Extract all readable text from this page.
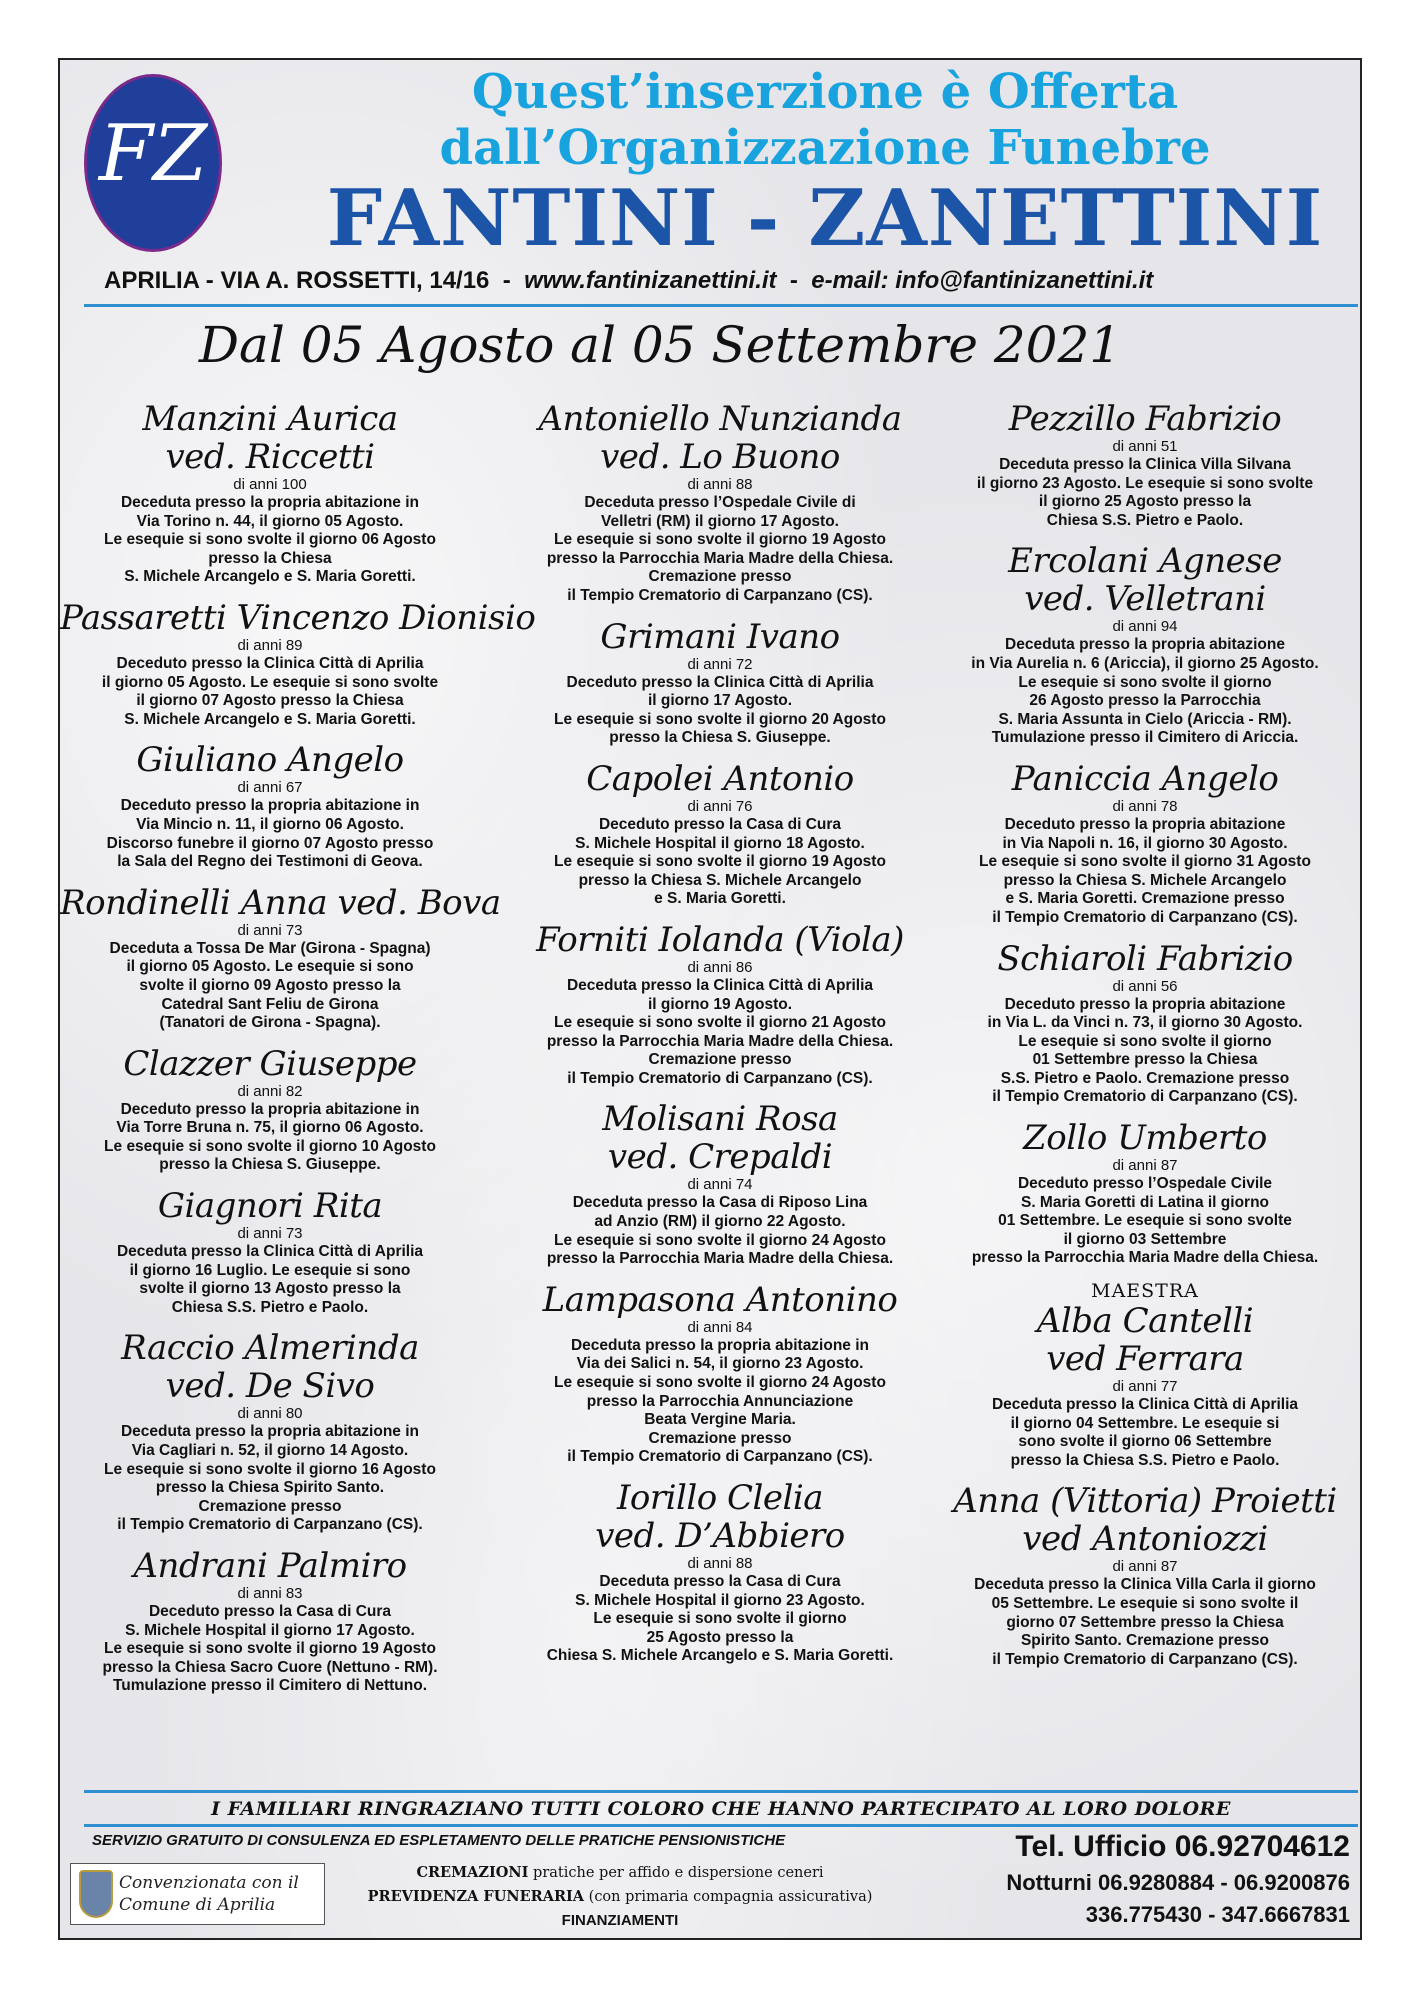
FZ
Quest’inserzione è Offerta
dall’Organizzazione Funebre
FANTINI - ZANETTINI
APRILIA - VIA A. ROSSETTI, 14/16 - www.fantinizanettini.it - e-mail: info@fantinizanettini.it
Dal 05 Agosto al 05 Settembre 2021
Manzini Aurica
ved. Riccetti
di anni 100
Deceduta presso la propria abitazione in
Via Torino n. 44, il giorno 05 Agosto.
Le esequie si sono svolte il giorno 06 Agosto
presso la Chiesa
S. Michele Arcangelo e S. Maria Goretti.
Passaretti Vincenzo Dionisio
di anni 89
Deceduto presso la Clinica Città di Aprilia
il giorno 05 Agosto. Le esequie si sono svolte
il giorno 07 Agosto presso la Chiesa
S. Michele Arcangelo e S. Maria Goretti.
Giuliano Angelo
di anni 67
Deceduto presso la propria abitazione in
Via Mincio n. 11, il giorno 06 Agosto.
Discorso funebre il giorno 07 Agosto presso
la Sala del Regno dei Testimoni di Geova.
Rondinelli Anna ved. Bova
di anni 73
Deceduta a Tossa De Mar (Girona - Spagna)
il giorno 05 Agosto. Le esequie si sono
svolte il giorno 09 Agosto presso la
Catedral Sant Feliu de Girona
(Tanatori de Girona - Spagna).
Clazzer Giuseppe
di anni 82
Deceduto presso la propria abitazione in
Via Torre Bruna n. 75, il giorno 06 Agosto.
Le esequie si sono svolte il giorno 10 Agosto
presso la Chiesa S. Giuseppe.
Giagnori Rita
di anni 73
Deceduta presso la Clinica Città di Aprilia
il giorno 16 Luglio. Le esequie si sono
svolte il giorno 13 Agosto presso la
Chiesa S.S. Pietro e Paolo.
Raccio Almerinda
ved. De Sivo
di anni 80
Deceduta presso la propria abitazione in
Via Cagliari n. 52, il giorno 14 Agosto.
Le esequie si sono svolte il giorno 16 Agosto
presso la Chiesa Spirito Santo.
Cremazione presso
il Tempio Crematorio di Carpanzano (CS).
Andrani Palmiro
di anni 83
Deceduto presso la Casa di Cura
S. Michele Hospital il giorno 17 Agosto.
Le esequie si sono svolte il giorno 19 Agosto
presso la Chiesa Sacro Cuore (Nettuno - RM).
Tumulazione presso il Cimitero di Nettuno.
Antoniello Nunzianda
ved. Lo Buono
di anni 88
Deceduta presso l’Ospedale Civile di
Velletri (RM) il giorno 17 Agosto.
Le esequie si sono svolte il giorno 19 Agosto
presso la Parrocchia Maria Madre della Chiesa.
Cremazione presso
il Tempio Crematorio di Carpanzano (CS).
Grimani Ivano
di anni 72
Deceduto presso la Clinica Città di Aprilia
il giorno 17 Agosto.
Le esequie si sono svolte il giorno 20 Agosto
presso la Chiesa S. Giuseppe.
Capolei Antonio
di anni 76
Deceduto presso la Casa di Cura
S. Michele Hospital il giorno 18 Agosto.
Le esequie si sono svolte il giorno 19 Agosto
presso la Chiesa S. Michele Arcangelo
e S. Maria Goretti.
Forniti Iolanda (Viola)
di anni 86
Deceduta presso la Clinica Città di Aprilia
il giorno 19 Agosto.
Le esequie si sono svolte il giorno 21 Agosto
presso la Parrocchia Maria Madre della Chiesa.
Cremazione presso
il Tempio Crematorio di Carpanzano (CS).
Molisani Rosa
ved. Crepaldi
di anni 74
Deceduta presso la Casa di Riposo Lina
ad Anzio (RM) il giorno 22 Agosto.
Le esequie si sono svolte il giorno 24 Agosto
presso la Parrocchia Maria Madre della Chiesa.
Lampasona Antonino
di anni 84
Deceduta presso la propria abitazione in
Via dei Salici n. 54, il giorno 23 Agosto.
Le esequie si sono svolte il giorno 24 Agosto
presso la Parrocchia Annunciazione
Beata Vergine Maria.
Cremazione presso
il Tempio Crematorio di Carpanzano (CS).
Iorillo Clelia
ved. D’Abbiero
di anni 88
Deceduta presso la Casa di Cura
S. Michele Hospital il giorno 23 Agosto.
Le esequie si sono svolte il giorno
25 Agosto presso la
Chiesa S. Michele Arcangelo e S. Maria Goretti.
Pezzillo Fabrizio
di anni 51
Deceduta presso la Clinica Villa Silvana
il giorno 23 Agosto. Le esequie si sono svolte
il giorno 25 Agosto presso la
Chiesa S.S. Pietro e Paolo.
Ercolani Agnese
ved. Velletrani
di anni 94
Deceduta presso la propria abitazione
in Via Aurelia n. 6 (Ariccia), il giorno 25 Agosto.
Le esequie si sono svolte il giorno
26 Agosto presso la Parrocchia
S. Maria Assunta in Cielo (Ariccia - RM).
Tumulazione presso il Cimitero di Ariccia.
Paniccia Angelo
di anni 78
Deceduto presso la propria abitazione
in Via Napoli n. 16, il giorno 30 Agosto.
Le esequie si sono svolte il giorno 31 Agosto
presso la Chiesa S. Michele Arcangelo
e S. Maria Goretti. Cremazione presso
il Tempio Crematorio di Carpanzano (CS).
Schiaroli Fabrizio
di anni 56
Deceduto presso la propria abitazione
in Via L. da Vinci n. 73, il giorno 30 Agosto.
Le esequie si sono svolte il giorno
01 Settembre presso la Chiesa
S.S. Pietro e Paolo. Cremazione presso
il Tempio Crematorio di Carpanzano (CS).
Zollo Umberto
di anni 87
Deceduto presso l’Ospedale Civile
S. Maria Goretti di Latina il giorno
01 Settembre. Le esequie si sono svolte
il giorno 03 Settembre
presso la Parrocchia Maria Madre della Chiesa.
MAESTRA
Alba Cantelli
ved Ferrara
di anni 77
Deceduta presso la Clinica Città di Aprilia
il giorno 04 Settembre. Le esequie si
sono svolte il giorno 06 Settembre
presso la Chiesa S.S. Pietro e Paolo.
Anna (Vittoria) Proietti
ved Antoniozzi
di anni 87
Deceduta presso la Clinica Villa Carla il giorno
05 Settembre. Le esequie si sono svolte il
giorno 07 Settembre presso la Chiesa
Spirito Santo. Cremazione presso
il Tempio Crematorio di Carpanzano (CS).
I FAMILIARI RINGRAZIANO TUTTI COLORO CHE HANNO PARTECIPATO AL LORO DOLORE
SERVIZIO GRATUITO DI CONSULENZA ED ESPLETAMENTO DELLE PRATICHE PENSIONISTICHE
Convenzionata con il
Comune di Aprilia
CREMAZIONI pratiche per affido e dispersione ceneri
PREVIDENZA FUNERARIA (con primaria compagnia assicurativa)
FINANZIAMENTI
Tel. Ufficio 06.92704612
Notturni 06.9280884 - 06.9200876
336.775430 - 347.6667831
